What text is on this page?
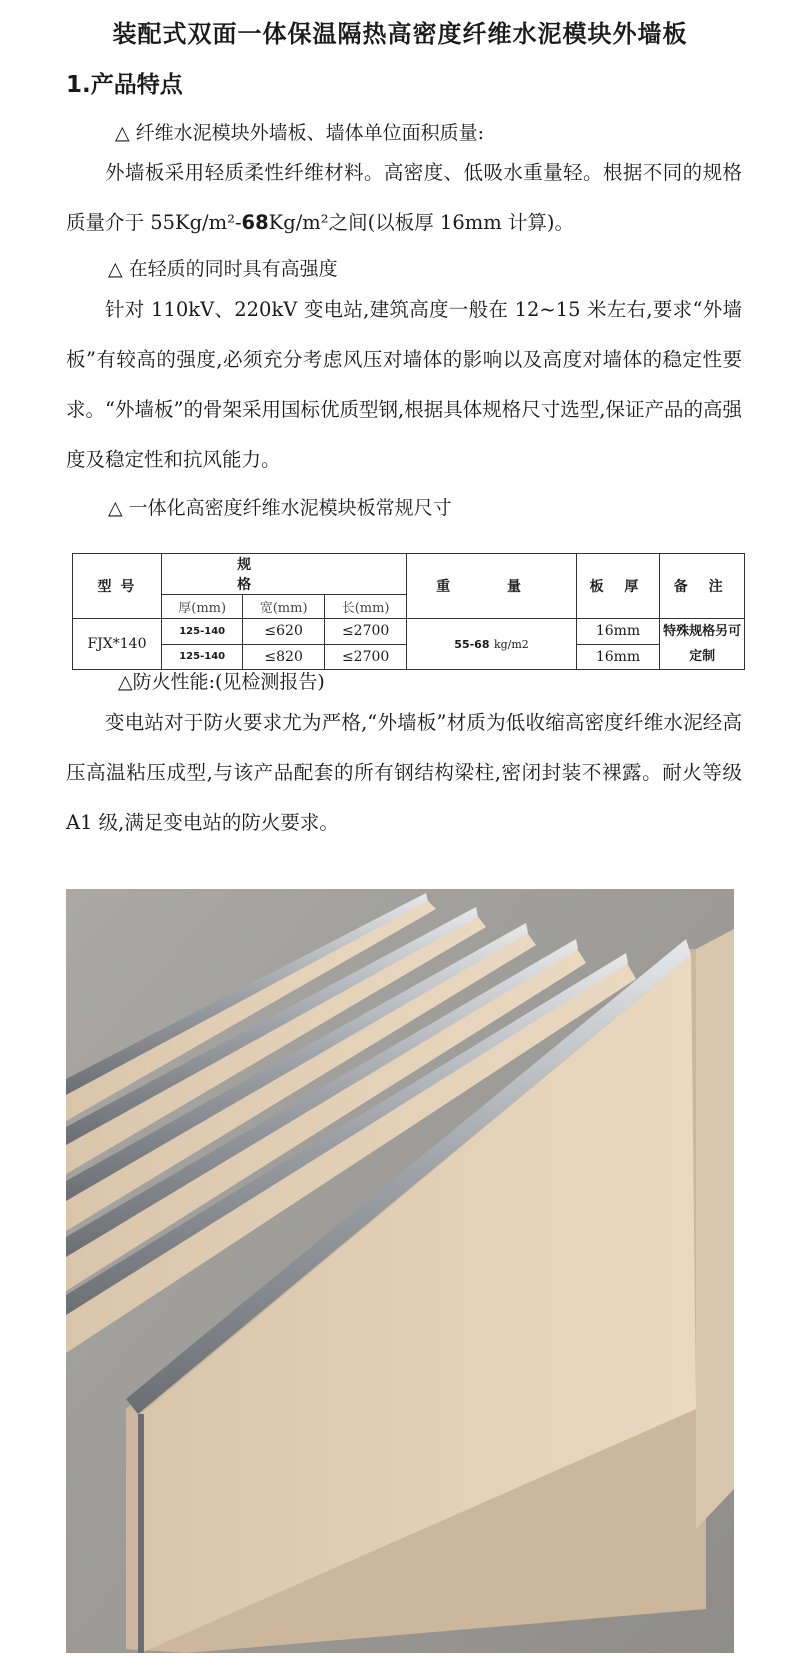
装配式双面一体保温隔热高密度纤维水泥模块外墙板
1.产品特点
△ 纤维水泥模块外墙板、墙体单位面积质量:
外墙板采用轻质柔性纤维材料。高密度、低吸水重量轻。根据不同的规格质量介于 55Kg/m²-68Kg/m²之间(以板厚 16mm 计算)。
△ 在轻质的同时具有高强度
针对 110kV、220kV 变电站,建筑高度一般在 12~15 米左右,要求“外墙板”有较高的强度,必须充分考虑风压对墙体的影响以及高度对墙体的稳定性要求。“外墙板”的骨架采用国标优质型钢,根据具体规格尺寸选型,保证产品的高强度及稳定性和抗风能力。
△ 一体化高密度纤维水泥模块板常规尺寸
型 号	规 格			重 量	板 厚	备 注
	厚(mm)	宽(mm)	长(mm)			
FJX*140	125-140	≤620	≤2700	55-68 kg/m2	16mm	特殊规格另可定制
	125-140	≤820	≤2700		16mm	
△防火性能:(见检测报告)
变电站对于防火要求尤为严格,“外墙板”材质为低收缩高密度纤维水泥经高压高温粘压成型,与该产品配套的所有钢结构梁柱,密闭封装不裸露。耐火等级 A1 级,满足变电站的防火要求。
